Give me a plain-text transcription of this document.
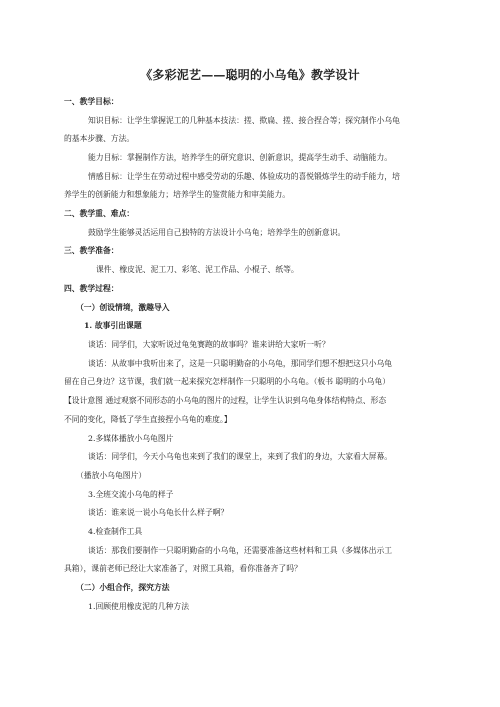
《多彩泥艺——聪明的小乌龟》教学设计
一、教学目标：
知识目标：让学生掌握泥工的几种基本技法：搓、揿扁、搓、接合捏合等；探究制作小乌龟
的基本步骤、方法。
能力目标：掌握制作方法，培养学生的研究意识、创新意识，提高学生动手、动脑能力。
情感目标：让学生在劳动过程中感受劳动的乐趣、体验成功的喜悦锻炼学生的动手能力，培
养学生的创新能力和想象能力；培养学生的鉴赏能力和审美能力。
二、教学重、难点：
鼓励学生能够灵活运用自己独特的方法设计小乌龟；培养学生的创新意识。
三、教学准备：
课件、橡皮泥、泥工刀、彩笔、泥工作品、小棍子、纸等。
四、教学过程：
（一）创设情境，激趣导入
1. 故事引出课题
谈话：同学们，大家听说过龟兔赛跑的故事吗？谁来讲给大家听一听？
谈话：从故事中我听出来了，这是一只聪明勤奋的小乌龟，那同学们想不想把这只小乌龟
留在自己身边？这节课，我们就一起来探究怎样制作一只聪明的小乌龟。（板书 聪明的小乌龟）
【设计意图 通过观察不同形态的小乌龟的图片的过程，让学生认识到乌龟身体结构特点、形态
不同的变化，降低了学生直接捏小乌龟的难度。】
2.多媒体播放小乌龟图片
谈话：同学们，今天小乌龟也来到了我们的课堂上，来到了我们的身边，大家看大屏幕。
（播放小乌龟图片）
3.全班交流小乌龟的样子
谈话：谁来说一说小乌龟长什么样子啊？
4.检查制作工具
谈话：那我们要制作一只聪明勤奋的小乌龟，还需要准备这些材料和工具（多媒体出示工
具箱），课前老师已经让大家准备了，对照工具箱，看你准备齐了吗？
（二）小组合作，探究方法
1.回顾使用橡皮泥的几种方法
